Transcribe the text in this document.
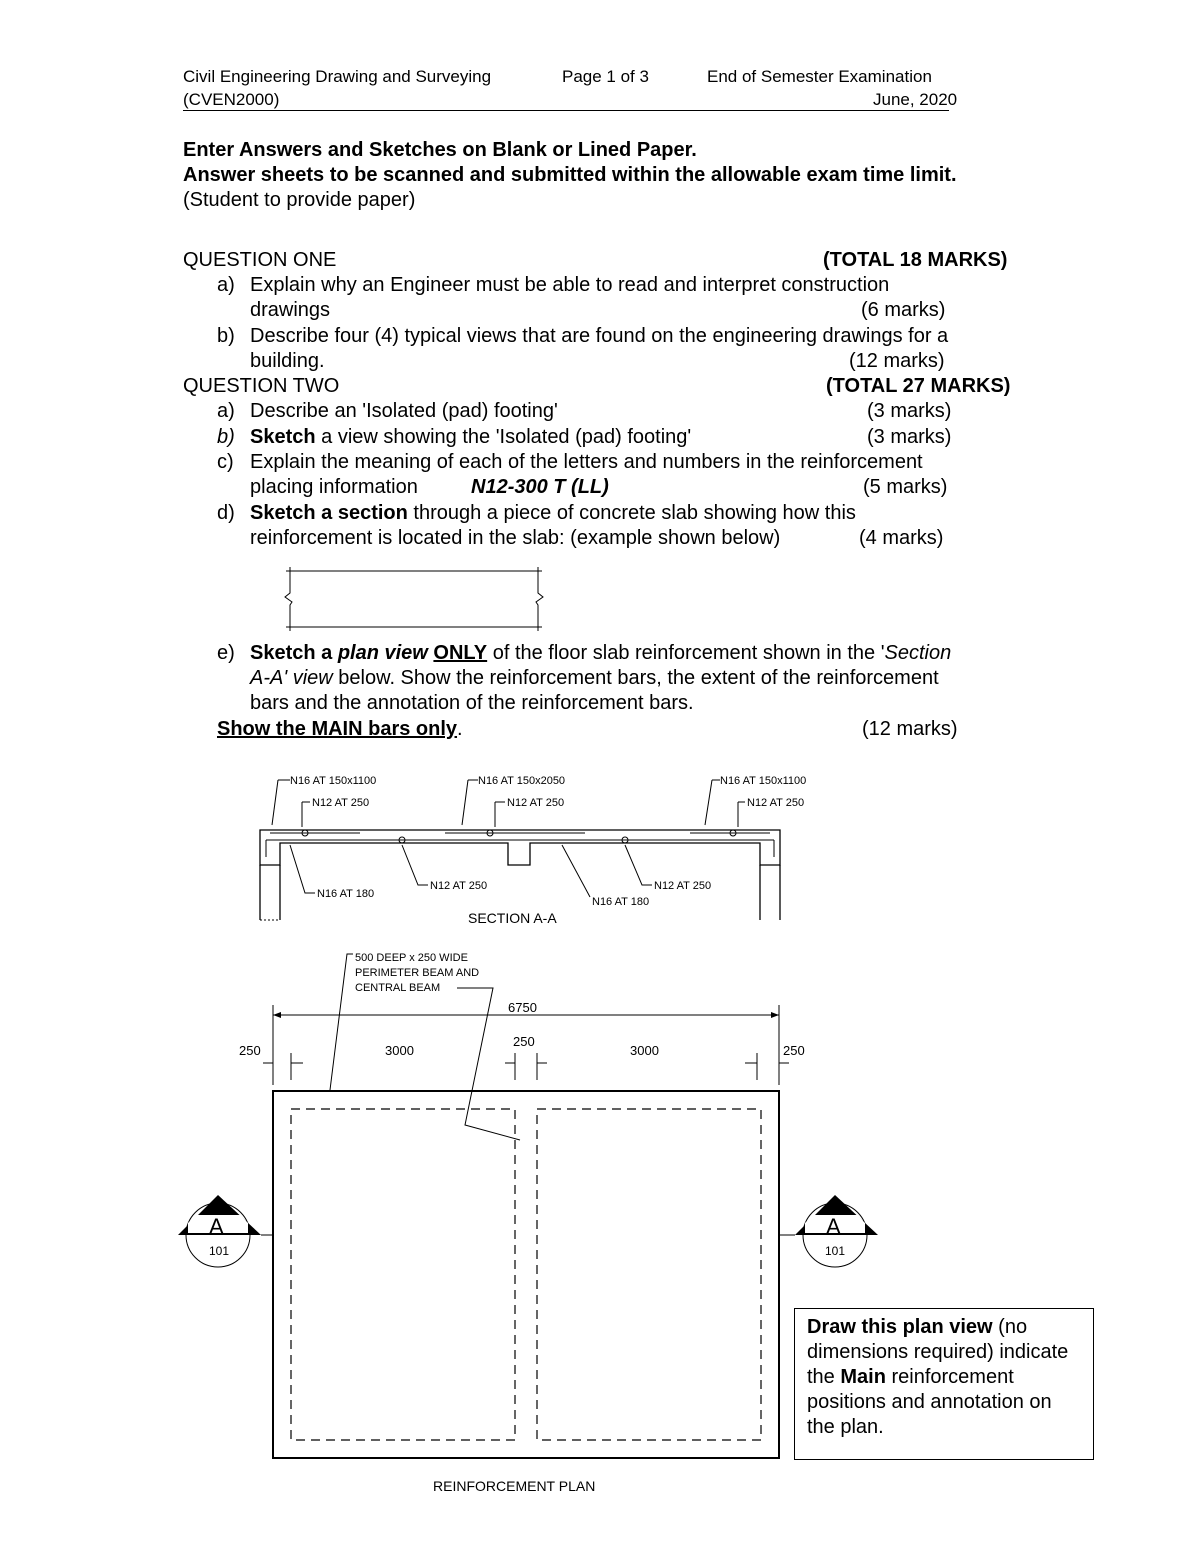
Civil Engineering Drawing and Surveying	Page 1 of 3	End of Semester Examination
(CVEN2000)	June, 2020
Enter Answers and Sketches on Blank or Lined Paper.
Answer sheets to be scanned and submitted within the allowable exam time limit.
(Student to provide paper)
QUESTION ONE	(TOTAL 18 MARKS)
a) Explain why an Engineer must be able to read and interpret construction
drawings	(6 marks)
b) Describe four (4) typical views that are found on the engineering drawings for a
building.	(12 marks)
QUESTION TWO	(TOTAL 27 MARKS)
a) Describe an 'Isolated (pad) footing'	(3 marks)
b) Sketch a view showing the 'Isolated (pad) footing'	(3 marks)
c) Explain the meaning of each of the letters and numbers in the reinforcement
placing information	N12-300 T (LL)	(5 marks)
d) Sketch a section through a piece of concrete slab showing how this
reinforcement is located in the slab: (example shown below)	(4 marks)
e) Sketch a plan view ONLY of the floor slab reinforcement shown in the 'Section
A-A' view below. Show the reinforcement bars, the extent of the reinforcement
bars and the annotation of the reinforcement bars.
Show the MAIN bars only.	(12 marks)
N16 AT 150x1100
N12 AT 250
N16 AT 150x2050
N12 AT 250
N16 AT 150x1100
N12 AT 250
N16 AT 180
N12 AT 250	N12 AT 250
N16 AT 180
SECTION A-A
500 DEEP x 250 WIDE
PERIMETER BEAM AND
CENTRAL BEAM
6750
250	3000
250
3000	250
A
101
A
101
REINFORCEMENT PLAN
Draw this plan view (no dimensions required) indicate the Main reinforcement positions and annotation on the plan.
